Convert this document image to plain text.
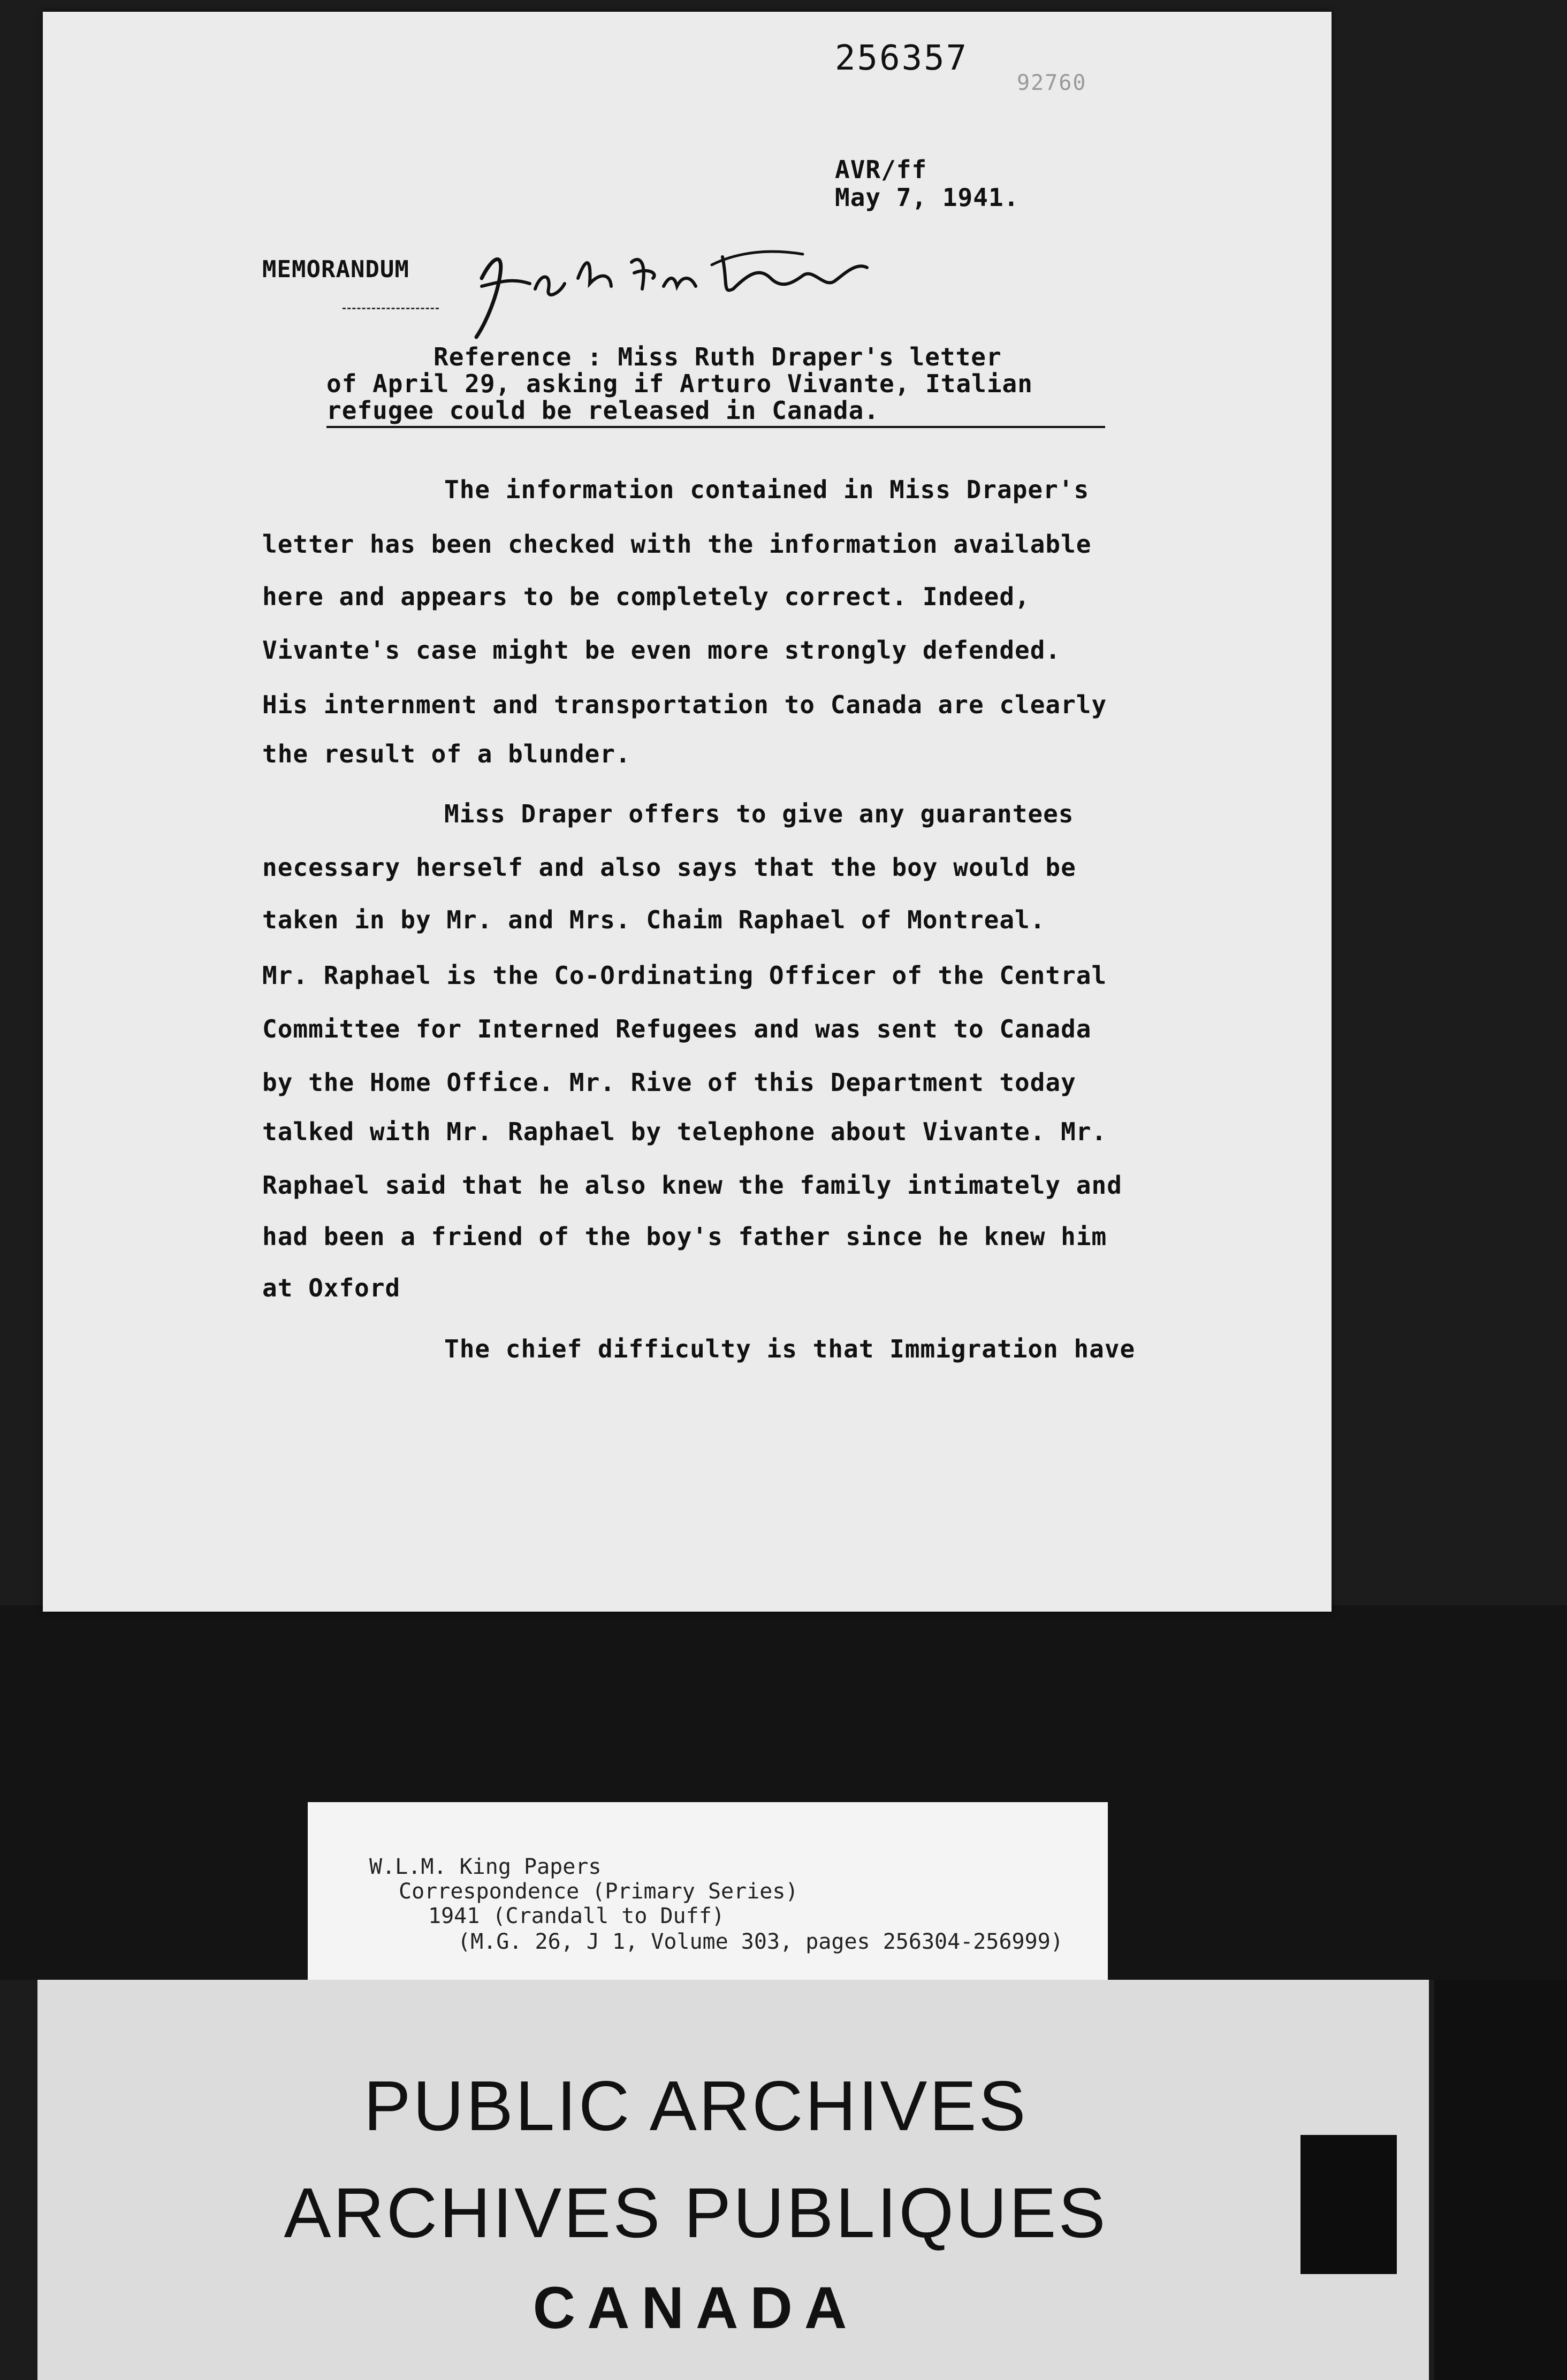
256357
92760
AVR/ff
May 7, 1941.
MEMORANDUM
Reference : Miss Ruth Draper's letter
of April 29, asking if Arturo Vivante, Italian
refugee could be released in Canada.
The information contained in Miss Draper's
letter has been checked with the information available
here and appears to be completely correct. Indeed,
Vivante's case might be even more strongly defended.
His internment and transportation to Canada are clearly
the result of a blunder.
Miss Draper offers to give any guarantees
necessary herself and also says that the boy would be
taken in by Mr. and Mrs. Chaim Raphael of Montreal.
Mr. Raphael is the Co-Ordinating Officer of the Central
Committee for Interned Refugees and was sent to Canada
by the Home Office. Mr. Rive of this Department today
talked with Mr. Raphael by telephone about Vivante. Mr.
Raphael said that he also knew the family intimately and
had been a friend of the boy's father since he knew him
at Oxford
The chief difficulty is that Immigration have
W.L.M. King Papers
Correspondence (Primary Series)
1941 (Crandall to Duff)
(M.G. 26, J 1, Volume 303, pages 256304-256999)
PUBLIC ARCHIVES
ARCHIVES PUBLIQUES
CANADA
